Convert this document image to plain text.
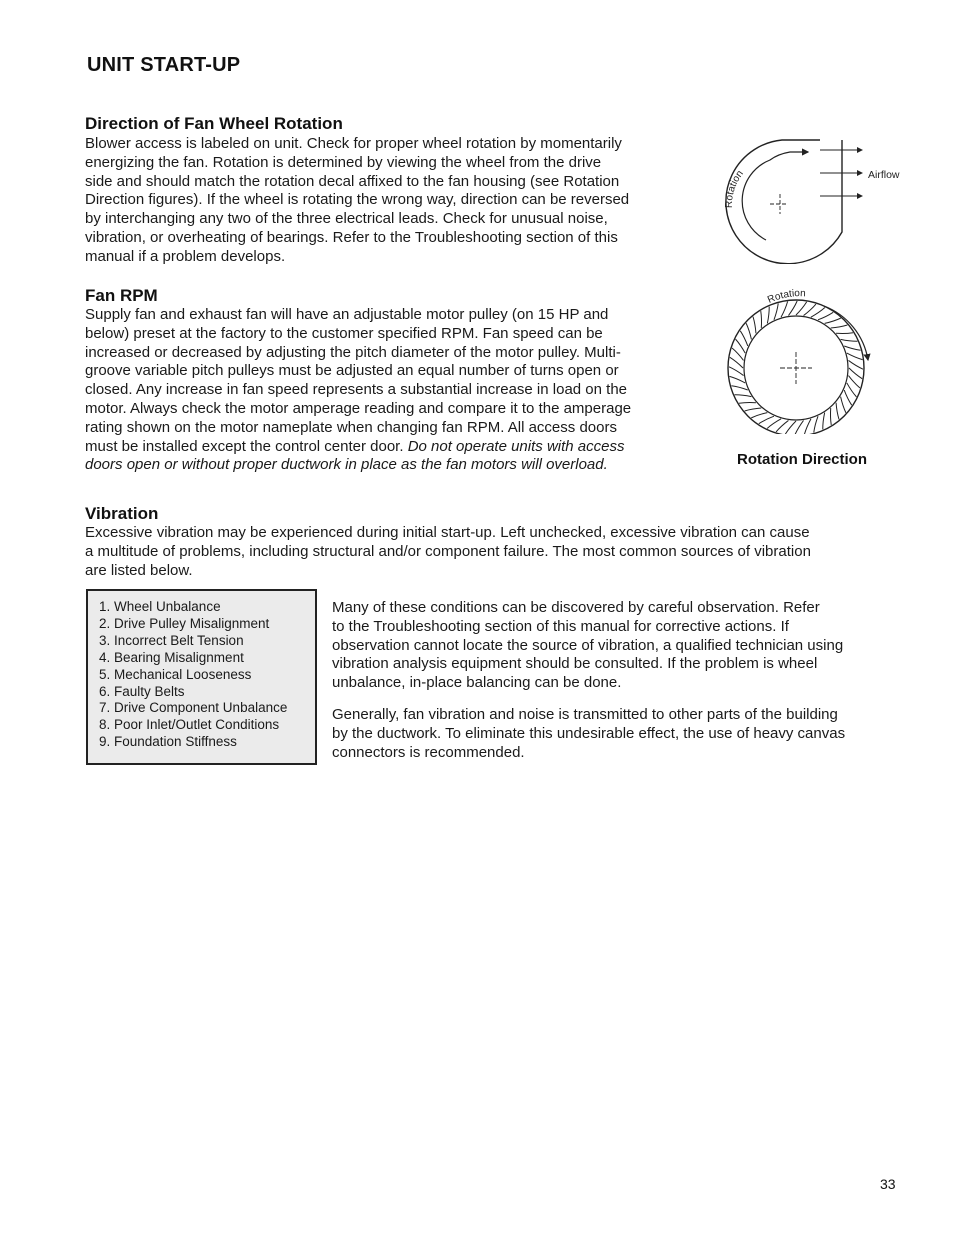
UNIT START-UP
Direction of Fan Wheel Rotation

Blower access is labeled on unit. Check for proper wheel rotation by momentarily
energizing the fan. Rotation is determined by viewing the wheel from the drive
side and should match the rotation decal affixed to the fan housing (see Rotation
Direction figures). If the wheel is rotating the wrong way, direction can be reversed
by interchanging any two of the three electrical leads. Check for unusual noise,
vibration, or overheating of bearings. Refer to the Troubleshooting section of this
manual if a problem develops.

Fan RPM

Supply fan and exhaust fan will have an adjustable motor pulley (on 15 HP and
below) preset at the factory to the customer specified RPM. Fan speed can be
increased or decreased by adjusting the pitch diameter of the motor pulley. Multi-
groove variable pitch pulleys must be adjusted an equal number of turns open or
closed. Any increase in fan speed represents a substantial increase in load on the
motor. Always check the motor amperage reading and compare it to the amperage
rating shown on the motor nameplate when changing fan RPM. All access doors
must be installed except the control center door. Do not operate units with access
doors open or without proper ductwork in place as the fan motors will overload.

Rotation	Airflow
Rotation

Rotation Direction

Vibration

Excessive vibration may be experienced during initial start-up. Left unchecked, excessive vibration can cause
a multitude of problems, including structural and/or component failure. The most common sources of vibration
are listed below.

1. Wheel Unbalance
2. Drive Pulley Misalignment
3. Incorrect Belt Tension
4. Bearing Misalignment
5. Mechanical Looseness
6. Faulty Belts
7. Drive Component Unbalance
8. Poor Inlet/Outlet Conditions
9. Foundation Stiffness

Many of these conditions can be discovered by careful observation. Refer
to the Troubleshooting section of this manual for corrective actions. If
observation cannot locate the source of vibration, a qualified technician using
vibration analysis equipment should be consulted. If the problem is wheel
unbalance, in-place balancing can be done.

Generally, fan vibration and noise is transmitted to other parts of the building
by the ductwork. To eliminate this undesirable effect, the use of heavy canvas
connectors is recommended.

33
